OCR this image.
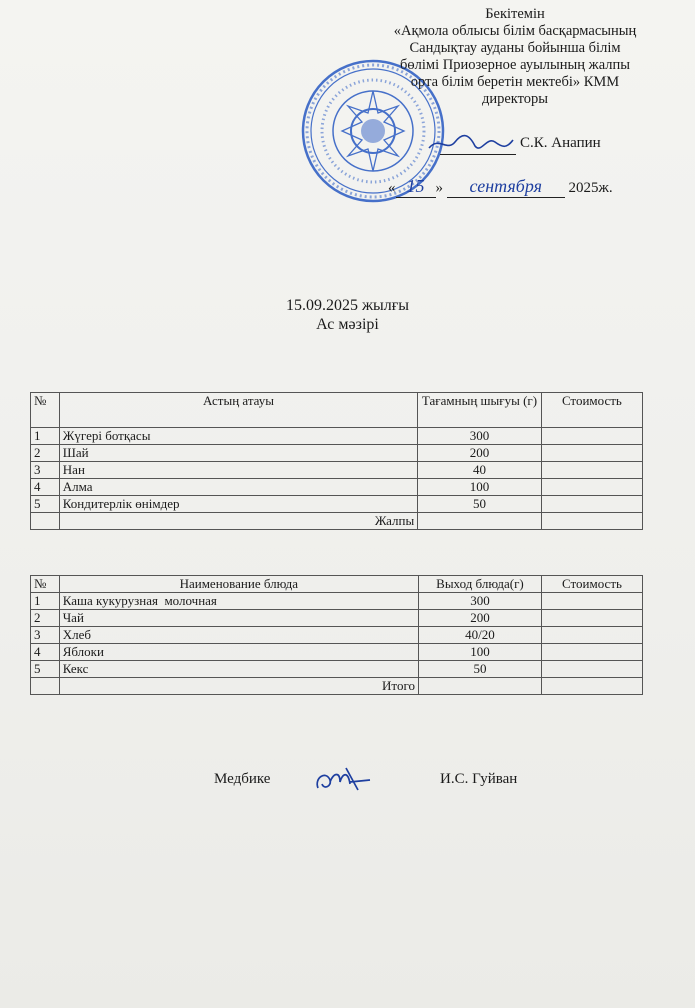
Бекітемін
«Ақмола облысы білім басқармасының
Сандықтау ауданы бойынша білім
бөлімі Приозерное ауылының жалпы
орта білім беретін мектебі» КММ
директоры
С.К. Анапин
« 15 » сентября 2025ж.
15.09.2025 жылғы
Ас мәзірі
№	Астың атауы	Тағамның шығуы (г)	Стоимость
1	Жүгері ботқасы	300	
2	Шай	200	
3	Нан	40	
4	Алма	100	
5	Кондитерлік өнімдер	50	
	Жалпы		
№	Наименование блюда	Выход блюда(г)	Стоимость
1	Каша кукурузная  молочная	300	
2	Чай	200	
3	Хлеб	40/20	
4	Яблоки	100	
5	Кекс	50	
	Итого		
Медбике	И.С. Гуйван
